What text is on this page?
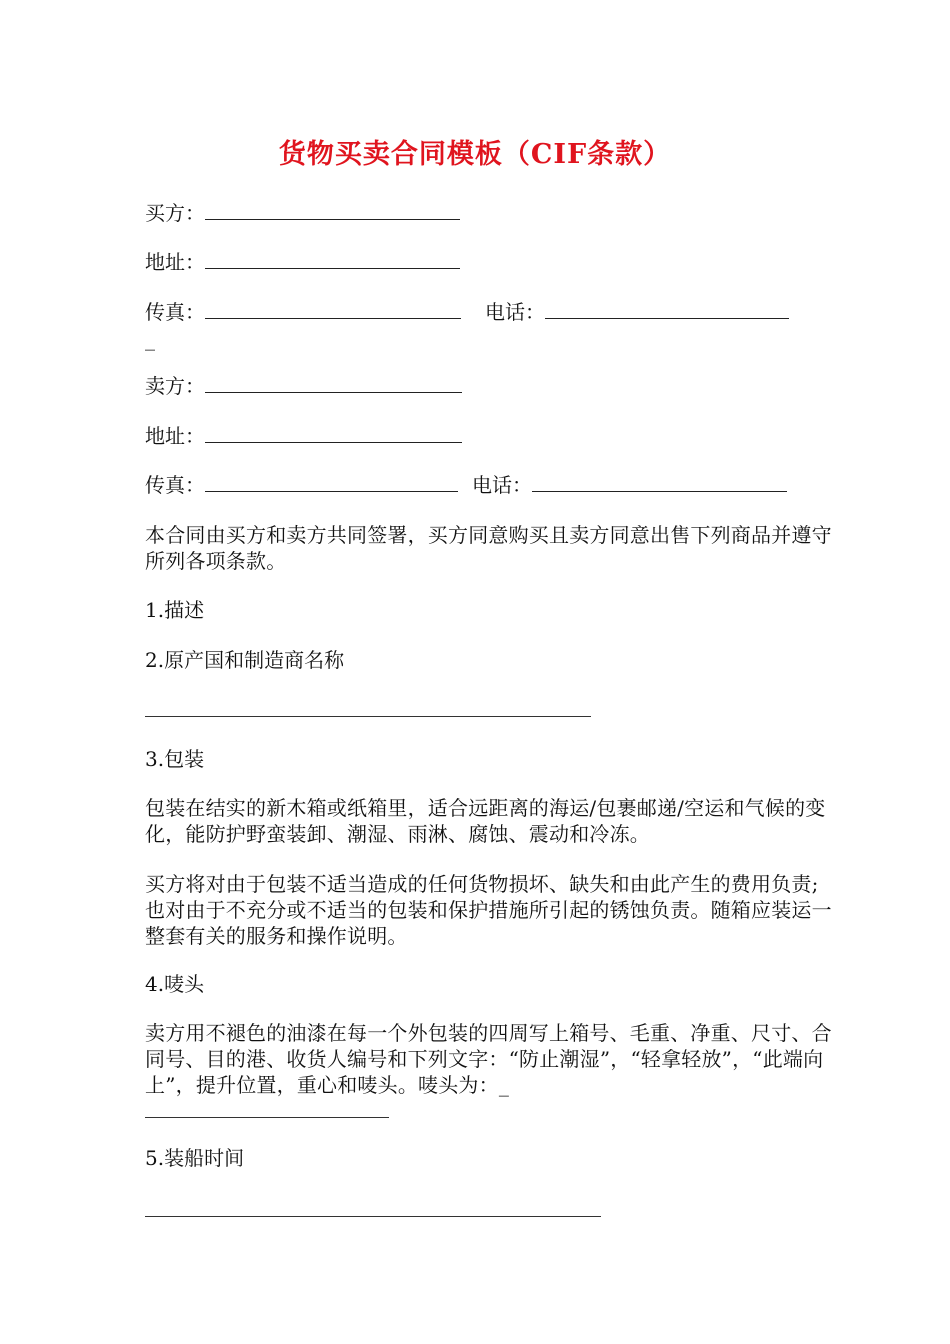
货物买卖合同模板（CIF条款）
买方：
地址：
传真：	电话：
_
卖方：
地址：
传真：	电话：
本合同由买方和卖方共同签署，买方同意购买且卖方同意出售下列商品并遵守所列各项条款。
1.描述
2.原产国和制造商名称
3.包装
包装在结实的新木箱或纸箱里，适合远距离的海运/包裹邮递/空运和气候的变化，能防护野蛮装卸、潮湿、雨淋、腐蚀、震动和冷冻。
买方将对由于包装不适当造成的任何货物损坏、缺失和由此产生的费用负责;也对由于不充分或不适当的包装和保护措施所引起的锈蚀负责。随箱应装运一整套有关的服务和操作说明。
4.唛头
卖方用不褪色的油漆在每一个外包装的四周写上箱号、毛重、净重、尺寸、合同号、目的港、收货人编号和下列文字：“防止潮湿”，“轻拿轻放”，“此端向上”，提升位置，重心和唛头。唛头为：_
5.装船时间
